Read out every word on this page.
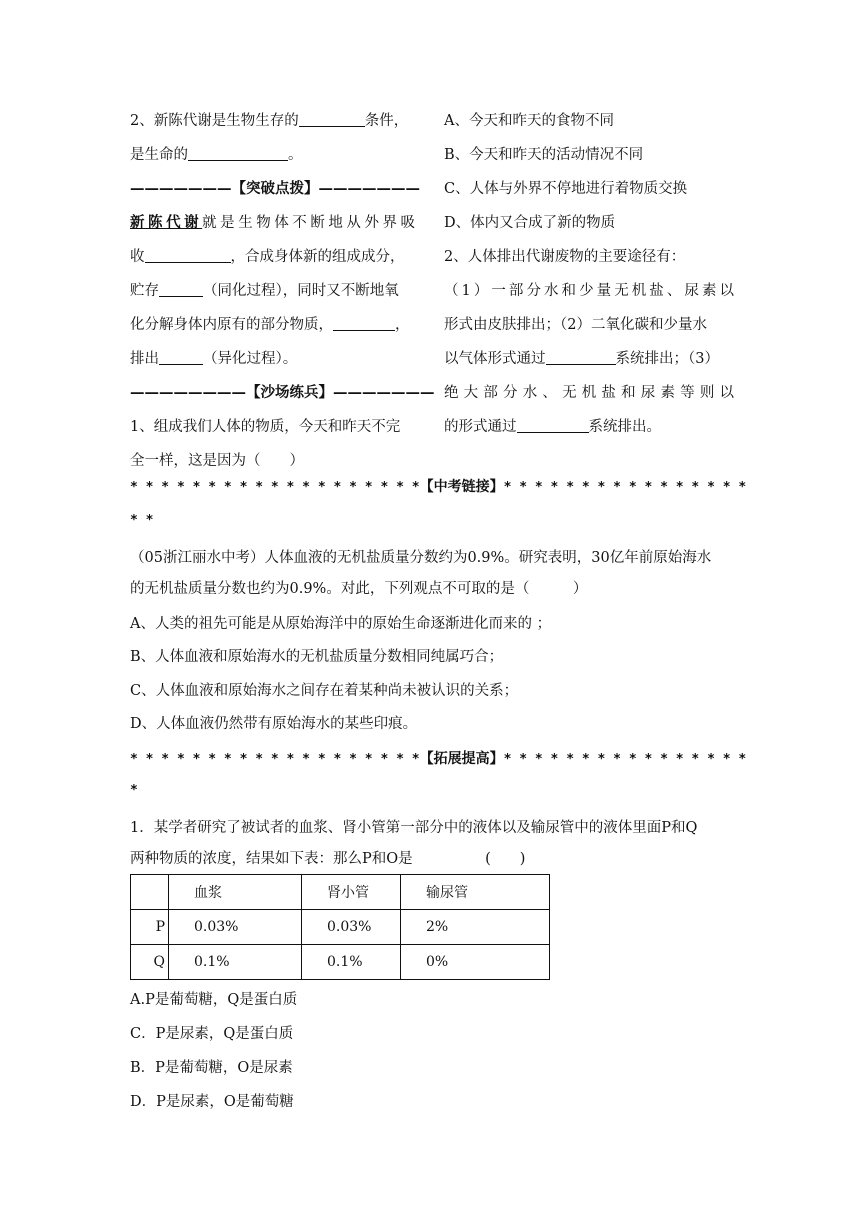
2、新陈代谢是生物生存的	条件，
是生命的	。
———————【突破点拨】———————
新陈代谢就是生物体不断地从外界吸
收	，合成身体新的组成成分，
贮存	（同化过程），同时又不断地氧
化分解身体内原有的部分物质，	，
排出	（异化过程）。
————————【沙场练兵】———————
1、组成我们人体的物质，今天和昨天不完
全一样，这是因为（　　）
A、今天和昨天的食物不同
B、今天和昨天的活动情况不同
C、人体与外界不停地进行着物质交换
D、体内又合成了新的物质
2、人体排出代谢废物的主要途径有：
（1）一部分水和少量无机盐、尿素以
形式由皮肤排出；（2）二氧化碳和少量水
以气体形式通过	系统排出；（3）
绝大部分水、无机盐和尿素等则以
的形式通过	系统排出。
* * * * * * * * * * * * * * * * * * *【中考链接】* * * * * * * * * * * * * * * *
* *
（05浙江丽水中考）人体血液的无机盐质量分数约为0.9%。研究表明，30亿年前原始海水
的无机盐质量分数也约为0.9%。对此，下列观点不可取的是（　　　）
A、人类的祖先可能是从原始海洋中的原始生命逐渐进化而来的 ；
B、人体血液和原始海水的无机盐质量分数相同纯属巧合；
C、人体血液和原始海水之间存在着某种尚未被认识的关系；
D、人体血液仍然带有原始海水的某些印痕。
* * * * * * * * * * * * * * * * * * *【拓展提高】* * * * * * * * * * * * * * * *
*
1．某学者研究了被试者的血浆、肾小管第一部分中的液体以及输尿管中的液体里面P和Q
两种物质的浓度，结果如下表：那么P和O是　　　　　(　　)
	血浆	肾小管	输尿管
P	0.03%	0.03%	2%
Q	0.1%	0.1%	0%
A.P是葡萄糖，Q是蛋白质
C．P是尿素，Q是蛋白质
B．P是葡萄糖，O是尿素
D．P是尿素，O是葡萄糖
